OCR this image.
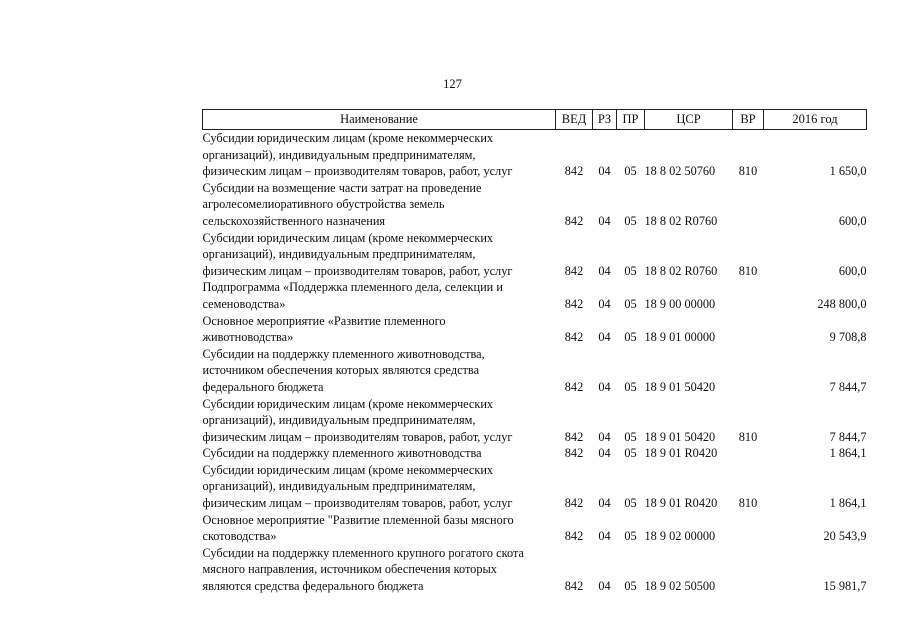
127
Наименование	ВЕД	РЗ	ПР	ЦСР	ВР	2016 год

Субсидии юридическим лицам (кроме некоммерческих
организаций), индивидуальным предпринимателям,
физическим лицам – производителям товаров, работ, услуг	842	04	05	18 8 02 50760	810	1 650,0

Субсидии на возмещение части затрат на проведение
агролесомелиоративного обустройства земель
сельскохозяйственного назначения	842	04	05	18 8 02 R0760		600,0

Субсидии юридическим лицам (кроме некоммерческих
организаций), индивидуальным предпринимателям,
физическим лицам – производителям товаров, работ, услуг	842	04	05	18 8 02 R0760	810	600,0

Подпрограмма «Поддержка племенного дела, селекции и
семеноводства»	842	04	05	18 9 00 00000		248 800,0

Основное мероприятие «Развитие племенного
животноводства»	842	04	05	18 9 01 00000		9 708,8

Субсидии на поддержку племенного животноводства,
источником обеспечения которых являются средства
федерального бюджета	842	04	05	18 9 01 50420		7 844,7

Субсидии юридическим лицам (кроме некоммерческих
организаций), индивидуальным предпринимателям,
физическим лицам – производителям товаров, работ, услуг	842	04	05	18 9 01 50420	810	7 844,7

Субсидии на поддержку племенного животноводства	842	04	05	18 9 01 R0420		1 864,1

Субсидии юридическим лицам (кроме некоммерческих
организаций), индивидуальным предпринимателям,
физическим лицам – производителям товаров, работ, услуг	842	04	05	18 9 01 R0420	810	1 864,1

Основное мероприятие "Развитие племенной базы мясного
скотоводства»	842	04	05	18 9 02 00000		20 543,9

Субсидии на поддержку племенного крупного рогатого скота
мясного направления, источником обеспечения которых
являются средства федерального бюджета	842	04	05	18 9 02 50500		15 981,7
